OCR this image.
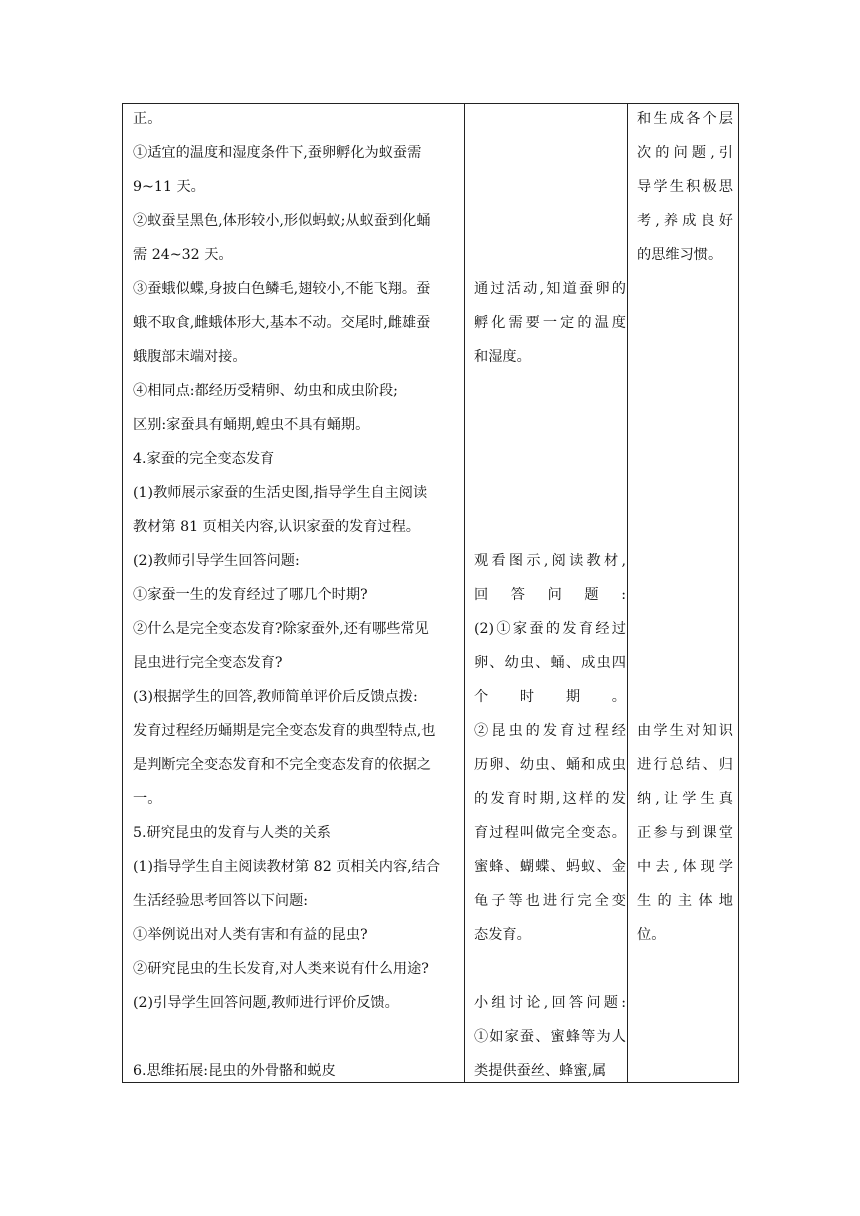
正。
①适宜的温度和湿度条件下,蚕卵孵化为蚁蚕需
9~11 天。
②蚁蚕呈黑色,体形较小,形似蚂蚁;从蚁蚕到化蛹
需 24~32 天。
③蚕蛾似蝶,身披白色鳞毛,翅较小,不能飞翔。蚕
蛾不取食,雌蛾体形大,基本不动。交尾时,雌雄蚕
蛾腹部末端对接。
④相同点:都经历受精卵、幼虫和成虫阶段;
区别:家蚕具有蛹期,蝗虫不具有蛹期。
4.家蚕的完全变态发育
(1)教师展示家蚕的生活史图,指导学生自主阅读
教材第 81 页相关内容,认识家蚕的发育过程。
(2)教师引导学生回答问题:
①家蚕一生的发育经过了哪几个时期?
②什么是完全变态发育?除家蚕外,还有哪些常见
昆虫进行完全变态发育?
(3)根据学生的回答,教师简单评价后反馈点拨:
发育过程经历蛹期是完全变态发育的典型特点,也
是判断完全变态发育和不完全变态发育的依据之
一。
5.研究昆虫的发育与人类的关系
(1)指导学生自主阅读教材第 82 页相关内容,结合
生活经验思考回答以下问题:
①举例说出对人类有害和有益的昆虫?
②研究昆虫的生长发育,对人类来说有什么用途?
(2)引导学生回答问题,教师进行评价反馈。
6.思维拓展:昆虫的外骨骼和蜕皮
通过活动,知道蚕卵的
孵化需要一定的温度
和湿度。
观看图示,阅读教材,
回答问题:
(2)①家蚕的发育经过
卵、幼虫、蛹、成虫四
个时期。
②昆虫的发育过程经
历卵、幼虫、蛹和成虫
的发育时期,这样的发
育过程叫做完全变态。
蜜蜂、蝴蝶、蚂蚁、金
龟子等也进行完全变
态发育。
小组讨论,回答问题:
①如家蚕、蜜蜂等为人
类提供蚕丝、蜂蜜,属
和生成各个层
次的问题,引
导学生积极思
考,养成良好
的思维习惯。
由学生对知识
进行总结、归
纳,让学生真
正参与到课堂
中去,体现学
生的主体地
位。
